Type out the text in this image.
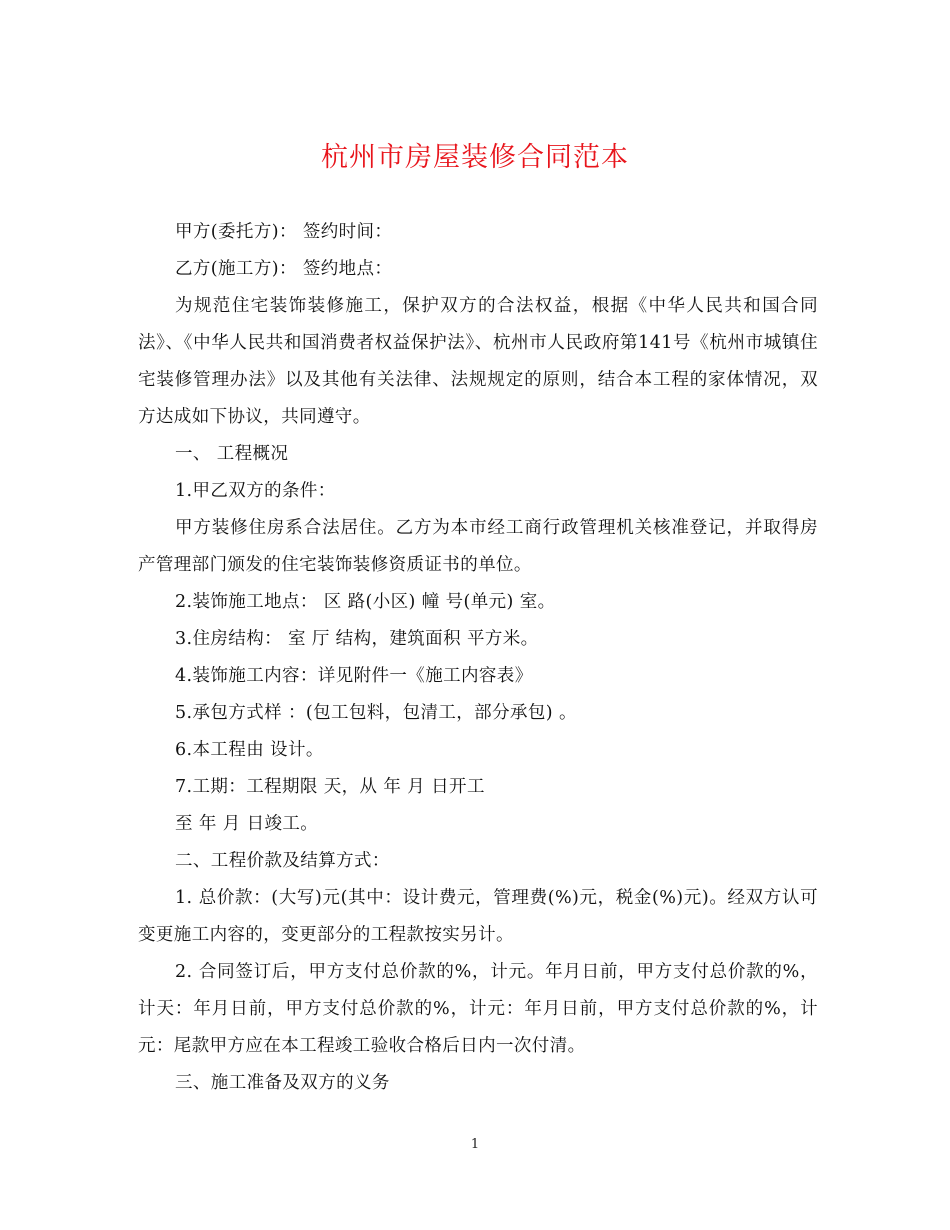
杭州市房屋装修合同范本

甲方(委托方)： 签约时间：

乙方(施工方)： 签约地点：

为规范住宅装饰装修施工，保护双方的合法权益，根据《中华人民共和国合同法》、《中华人民共和国消费者权益保护法》、杭州市人民政府第141号《杭州市城镇住宅装修管理办法》以及其他有关法律、法规规定的原则，结合本工程的家体情况，双方达成如下协议，共同遵守。

一、 工程概况

1.甲乙双方的条件：

甲方装修住房系合法居住。乙方为本市经工商行政管理机关核准登记，并取得房产管理部门颁发的住宅装饰装修资质证书的单位。

2.装饰施工地点： 区 路(小区) 幢 号(单元) 室。

3.住房结构： 室 厅 结构，建筑面积 平方米。

4.装饰施工内容：详见附件一《施工内容表》

5.承包方式样 ：(包工包料，包清工，部分承包) 。

6.本工程由 设计。

7.工期：工程期限 天，从 年 月 日开工

至 年 月 日竣工。

二、工程价款及结算方式：

1. 总价款：(大写)元(其中：设计费元，管理费(%)元，税金(%)元)。经双方认可变更施工内容的，变更部分的工程款按实另计。

2. 合同签订后，甲方支付总价款的%，计元。年月日前，甲方支付总价款的%，计天：年月日前，甲方支付总价款的%，计元：年月日前，甲方支付总价款的%，计元：尾款甲方应在本工程竣工验收合格后日内一次付清。

三、施工准备及双方的义务

1
